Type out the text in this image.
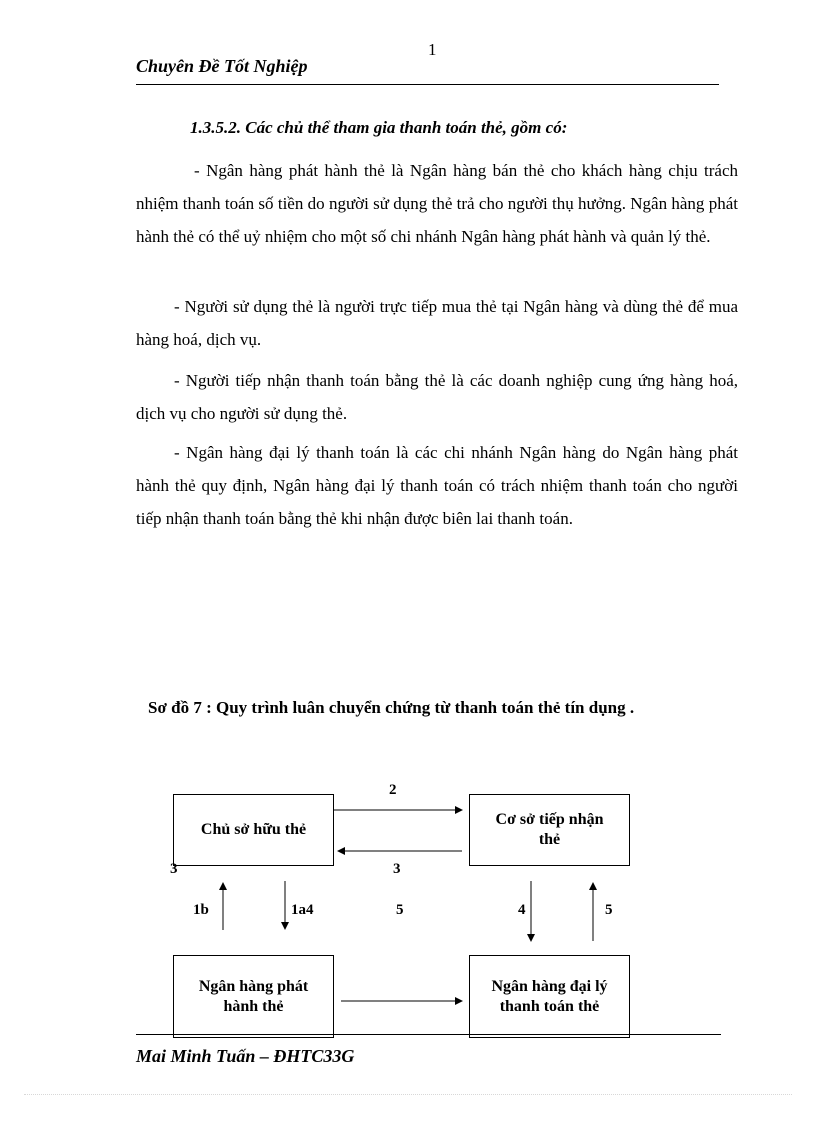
1
Chuyên Đề Tốt Nghiệp
1.3.5.2. Các chủ thể tham gia thanh toán thẻ, gồm có:

- Ngân hàng phát hành thẻ là Ngân hàng bán thẻ cho khách hàng chịu trách nhiệm thanh toán số tiền do người sử dụng thẻ trả cho người thụ hưởng. Ngân hàng phát hành thẻ có thể uỷ nhiệm cho một số chi nhánh Ngân hàng phát hành và quản lý thẻ.

- Người sử dụng thẻ là người trực tiếp mua thẻ tại Ngân hàng và dùng thẻ để mua hàng hoá, dịch vụ.

- Người tiếp nhận thanh toán bằng thẻ là các doanh nghiệp cung ứng hàng hoá, dịch vụ cho người sử dụng thẻ.

- Ngân hàng đại lý thanh toán là các chi nhánh Ngân hàng do Ngân hàng phát hành thẻ quy định, Ngân hàng đại lý thanh toán có trách nhiệm thanh toán cho người tiếp nhận thanh toán bằng thẻ khi nhận được biên lai thanh toán.

Sơ đồ 7 : Quy trình luân chuyển chứng từ thanh toán thẻ tín dụng .
Chủ sở hữu thẻ
Cơ sở tiếp nhận
thẻ
Ngân hàng phát
hành thẻ
Ngân hàng đại lý
thanh toán thẻ
2
3
3
1b	1a4	5	4	5
Mai Minh Tuấn – ĐHTC33G
